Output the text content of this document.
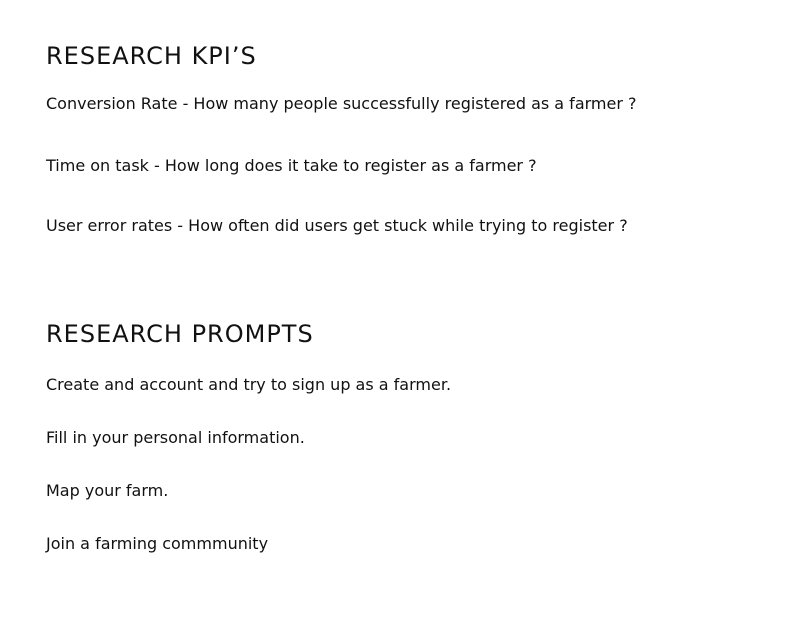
RESEARCH KPI’S

Conversion Rate - How many people successfully registered as a farmer ?

Time on task - How long does it take to register as a farmer ?

User error rates - How often did users get stuck while trying to register ?

RESEARCH PROMPTS

Create and account and try to sign up as a farmer.

Fill in your personal information.

Map your farm.

Join a farming commmunity
